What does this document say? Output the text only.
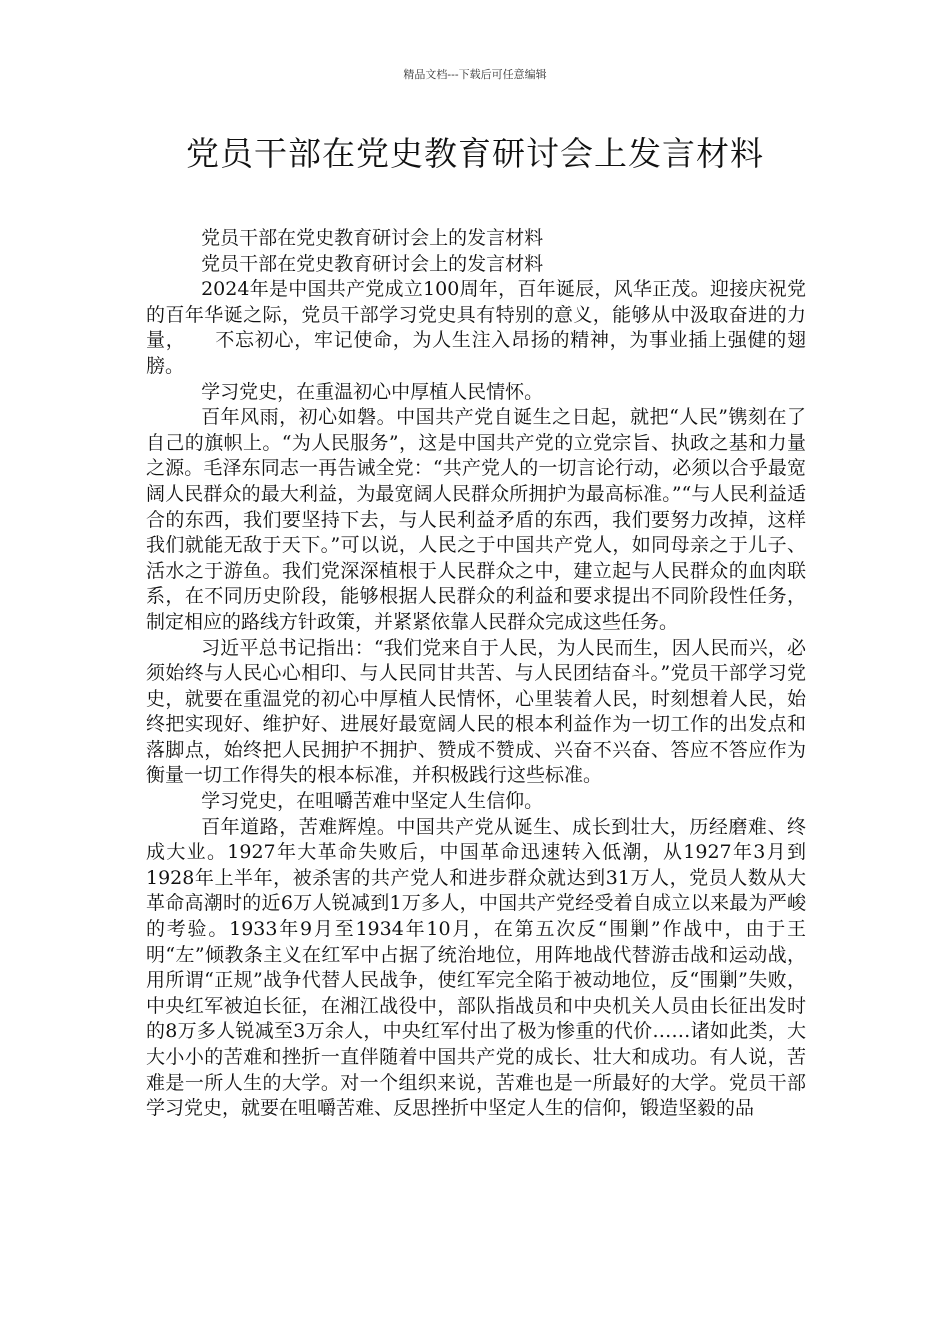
精品文档---下载后可任意编辑
党员干部在党史教育研讨会上发言材料

党员干部在党史教育研讨会上的发言材料

党员干部在党史教育研讨会上的发言材料

2024年是中国共产党成立100周年，百年诞辰，风华正茂。迎接庆祝党的百年华诞之际，党员干部学习党史具有特别的意义，能够从中汲取奋进的力量，　　不忘初心，牢记使命，为人生注入昂扬的精神，为事业插上强健的翅膀。

学习党史，在重温初心中厚植人民情怀。

百年风雨，初心如磐。中国共产党自诞生之日起，就把“人民”镌刻在了自己的旗帜上。“为人民服务”，这是中国共产党的立党宗旨、执政之基和力量之源。毛泽东同志一再告诫全党：“共产党人的一切言论行动，必须以合乎最宽阔人民群众的最大利益，为最宽阔人民群众所拥护为最高标准。”“与人民利益适合的东西，我们要坚持下去，与人民利益矛盾的东西，我们要努力改掉，这样我们就能无敌于天下。”可以说，人民之于中国共产党人，如同母亲之于儿子、活水之于游鱼。我们党深深植根于人民群众之中，建立起与人民群众的血肉联系，在不同历史阶段，能够根据人民群众的利益和要求提出不同阶段性任务，制定相应的路线方针政策，并紧紧依靠人民群众完成这些任务。

习近平总书记指出：“我们党来自于人民，为人民而生，因人民而兴，必须始终与人民心心相印、与人民同甘共苦、与人民团结奋斗。”党员干部学习党史，就要在重温党的初心中厚植人民情怀，心里装着人民，时刻想着人民，始终把实现好、维护好、进展好最宽阔人民的根本利益作为一切工作的出发点和落脚点，始终把人民拥护不拥护、赞成不赞成、兴奋不兴奋、答应不答应作为衡量一切工作得失的根本标准，并积极践行这些标准。

学习党史，在咀嚼苦难中坚定人生信仰。

百年道路，苦难辉煌。中国共产党从诞生、成长到壮大，历经磨难、终成大业。1927年大革命失败后，中国革命迅速转入低潮，从1927年3月到1928年上半年，被杀害的共产党人和进步群众就达到31万人，党员人数从大革命高潮时的近6万人锐减到1万多人，中国共产党经受着自成立以来最为严峻的考验。1933年9月至1934年10月，在第五次反“围剿”作战中，由于王明“左”倾教条主义在红军中占据了统治地位，用阵地战代替游击战和运动战，用所谓“正规”战争代替人民战争，使红军完全陷于被动地位，反“围剿”失败，中央红军被迫长征，在湘江战役中，部队指战员和中央机关人员由长征出发时的8万多人锐减至3万余人，中央红军付出了极为惨重的代价……诸如此类，大大小小的苦难和挫折一直伴随着中国共产党的成长、壮大和成功。有人说，苦难是一所人生的大学。对一个组织来说，苦难也是一所最好的大学。党员干部学习党史，就要在咀嚼苦难、反思挫折中坚定人生的信仰，锻造坚毅的品
